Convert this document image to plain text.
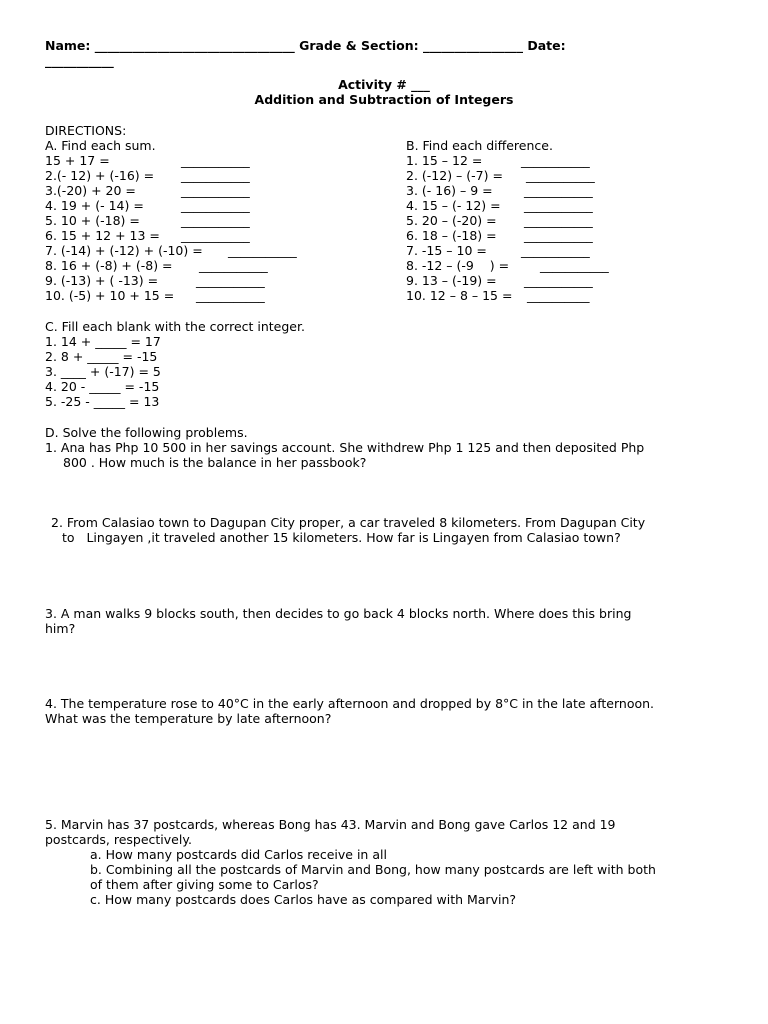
Name: ________________________________ Grade & Section: ________________ Date:
___________
Activity # ___
Addition and Subtraction of Integers
DIRECTIONS:
A. Find each sum.
15 + 17 =	___________
2.(- 12) + (-16) = ___________
3.(-20) + 20 =	___________
4. 19 + (- 14) =	___________
5. 10 + (-18) =	___________
6. 15 + 12 + 13 = ___________
7. (-14) + (-12) + (-10) = ___________
8. 16 + (-8) + (-8) = ___________
9. (-13) + ( -13) =	___________
10. (-5) + 10 + 15 = ___________
B. Find each difference.
1. 15 – 12 =	___________
2. (-12) – (-7) = ___________
3. (- 16) – 9 =	___________
4. 15 – (- 12) = ___________
5. 20 – (-20) = ___________
6. 18 – (-18) = ___________
7. -15 – 10 =	___________
8. -12 – (-9    ) = ___________
9. 13 – (-19) = ___________
10. 12 – 8 – 15 = __________
C. Fill each blank with the correct integer.
1. 14 + _____ = 17
2. 8 + _____ = -15
3. ____ + (-17) = 5
4. 20 - _____ = -15
5. -25 - _____ = 13
D. Solve the following problems.
1. Ana has Php 10 500 in her savings account. She withdrew Php 1 125 and then deposited Php
800 . How much is the balance in her passbook?
2. From Calasiao town to Dagupan City proper, a car traveled 8 kilometers. From Dagupan City
to   Lingayen ,it traveled another 15 kilometers. How far is Lingayen from Calasiao town?
3. A man walks 9 blocks south, then decides to go back 4 blocks north. Where does this bring
him?
4. The temperature rose to 40°C in the early afternoon and dropped by 8°C in the late afternoon.
What was the temperature by late afternoon?
5. Marvin has 37 postcards, whereas Bong has 43. Marvin and Bong gave Carlos 12 and 19
postcards, respectively.
a. How many postcards did Carlos receive in all
b. Combining all the postcards of Marvin and Bong, how many postcards are left with both
of them after giving some to Carlos?
c. How many postcards does Carlos have as compared with Marvin?
